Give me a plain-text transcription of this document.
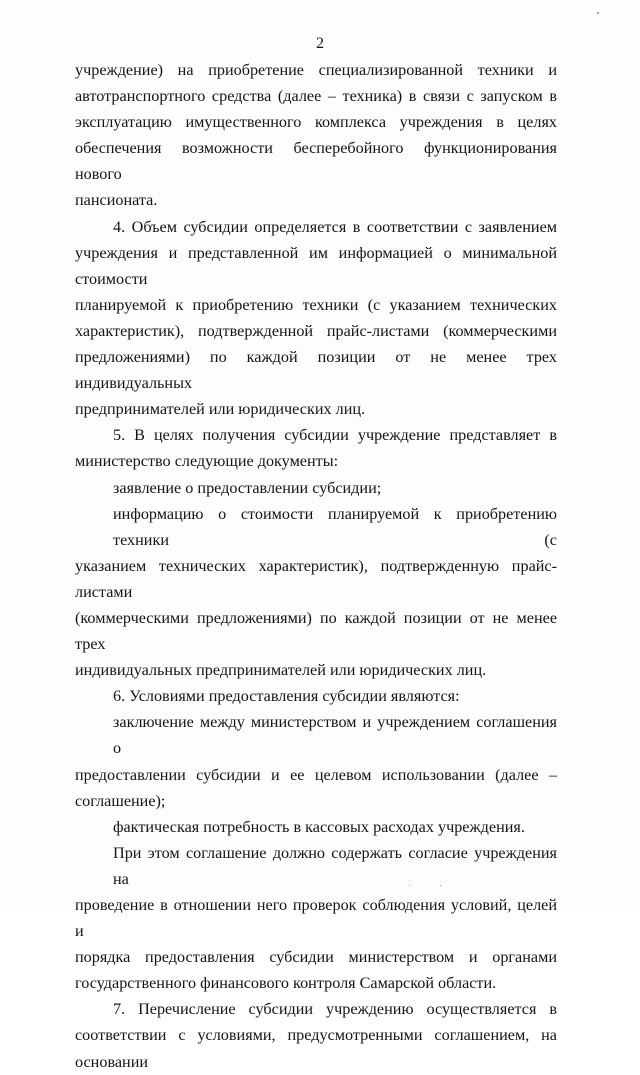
2

учреждение) на приобретение специализированной техники и
автотранспортного средства (далее – техника) в связи с запуском в
эксплуатацию имущественного комплекса учреждения в целях
обеспечения возможности бесперебойного функционирования нового
пансионата.

4. Объем субсидии определяется в соответствии с заявлением
учреждения и представленной им информацией о минимальной стоимости
планируемой к приобретению техники (с указанием технических
характеристик), подтвержденной прайс-листами (коммерческими
предложениями) по каждой позиции от не менее трех индивидуальных
предпринимателей или юридических лиц.

5. В целях получения субсидии учреждение представляет в
министерство следующие документы:

заявление о предоставлении субсидии;

информацию о стоимости планируемой к приобретению техники (с
указанием технических характеристик), подтвержденную прайс-листами
(коммерческими предложениями) по каждой позиции от не менее трех
индивидуальных предпринимателей или юридических лиц.

6. Условиями предоставления субсидии являются:

заключение между министерством и учреждением соглашения о
предоставлении субсидии и ее целевом использовании (далее –
соглашение);

фактическая потребность в кассовых расходах учреждения.

При этом соглашение должно содержать согласие учреждения на
проведение в отношении него проверок соблюдения условий, целей и
порядка предоставления субсидии министерством и органами
государственного финансового контроля Самарской области.

7. Перечисление субсидии учреждению осуществляется в
соответствии с условиями, предусмотренными соглашением, на основании
